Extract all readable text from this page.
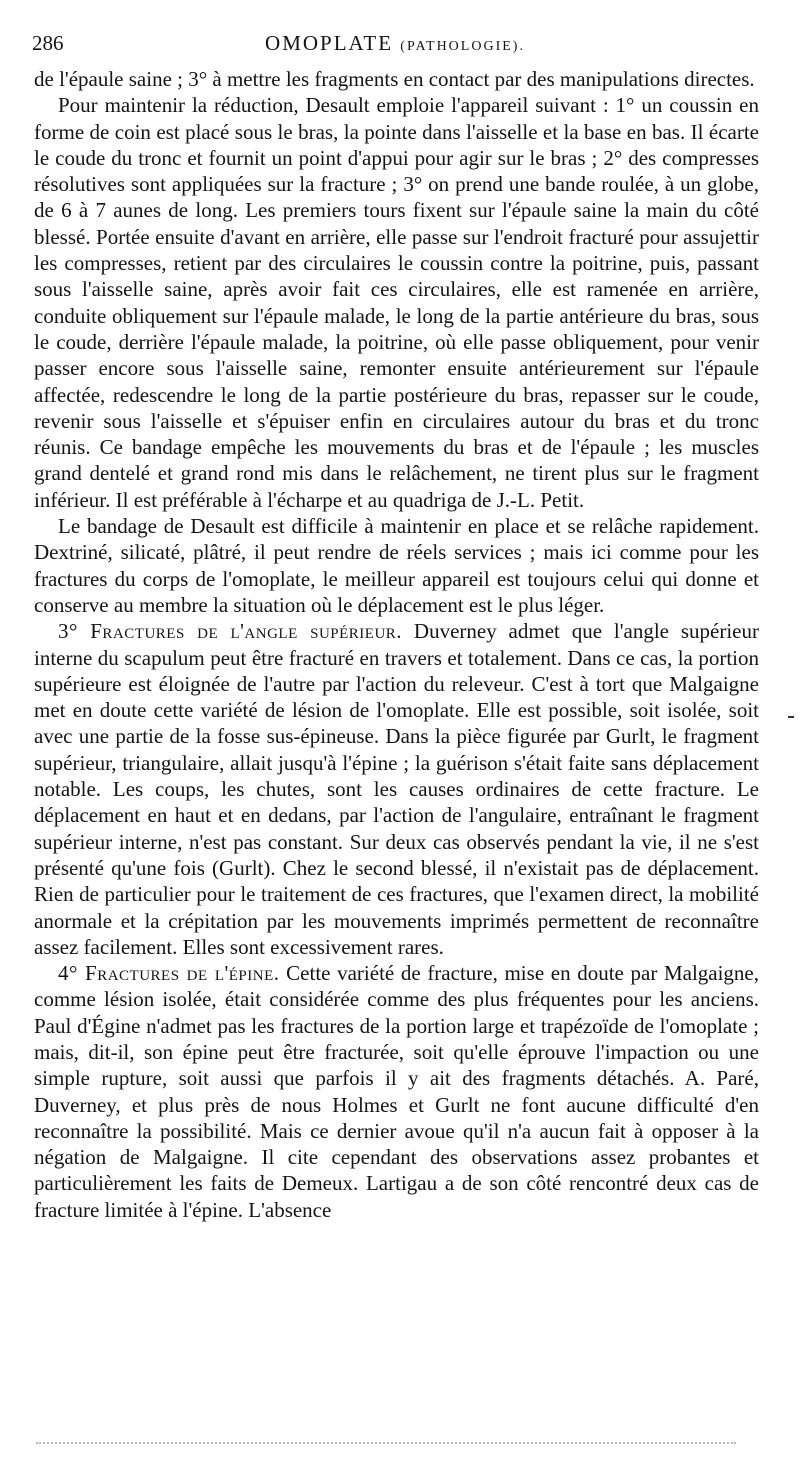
286	OMOPLATE (PATHOLOGIE).

de l'épaule saine ; 3° à mettre les fragments en contact par des manipulations directes.

Pour maintenir la réduction, Desault emploie l'appareil suivant : 1° un coussin en forme de coin est placé sous le bras, la pointe dans l'aisselle et la base en bas. Il écarte le coude du tronc et fournit un point d'appui pour agir sur le bras ; 2° des compresses résolutives sont appliquées sur la fracture ; 3° on prend une bande roulée, à un globe, de 6 à 7 aunes de long. Les premiers tours fixent sur l'épaule saine la main du côté blessé. Portée ensuite d'avant en arrière, elle passe sur l'endroit fracturé pour assujettir les compresses, retient par des circulaires le coussin contre la poitrine, puis, passant sous l'aisselle saine, après avoir fait ces circulaires, elle est ramenée en arrière, conduite obliquement sur l'épaule malade, le long de la partie antérieure du bras, sous le coude, derrière l'épaule malade, la poitrine, où elle passe obliquement, pour venir passer encore sous l'aisselle saine, remonter ensuite antérieurement sur l'épaule affectée, redescendre le long de la partie postérieure du bras, repasser sur le coude, revenir sous l'aisselle et s'épuiser enfin en circulaires autour du bras et du tronc réunis. Ce bandage empêche les mouvements du bras et de l'épaule ; les muscles grand dentelé et grand rond mis dans le relâchement, ne tirent plus sur le fragment inférieur. Il est préférable à l'écharpe et au quadriga de J.-L. Petit.

Le bandage de Desault est difficile à maintenir en place et se relâche rapidement. Dextriné, silicaté, plâtré, il peut rendre de réels services ; mais ici comme pour les fractures du corps de l'omoplate, le meilleur appareil est toujours celui qui donne et conserve au membre la situation où le déplacement est le plus léger.

3° Fractures de l'angle supérieur. Duverney admet que l'angle supérieur interne du scapulum peut être fracturé en travers et totalement. Dans ce cas, la portion supérieure est éloignée de l'autre par l'action du releveur. C'est à tort que Malgaigne met en doute cette variété de lésion de l'omoplate. Elle est possible, soit isolée, soit avec une partie de la fosse sus-épineuse. Dans la pièce figurée par Gurlt, le fragment supérieur, triangulaire, allait jusqu'à l'épine ; la guérison s'était faite sans déplacement notable. Les coups, les chutes, sont les causes ordinaires de cette fracture. Le déplacement en haut et en dedans, par l'action de l'angulaire, entraînant le fragment supérieur interne, n'est pas constant. Sur deux cas observés pendant la vie, il ne s'est présenté qu'une fois (Gurlt). Chez le second blessé, il n'existait pas de déplacement. Rien de particulier pour le traitement de ces fractures, que l'examen direct, la mobilité anormale et la crépitation par les mouvements imprimés permettent de reconnaître assez facilement. Elles sont excessivement rares.

4° Fractures de l'épine. Cette variété de fracture, mise en doute par Malgaigne, comme lésion isolée, était considérée comme des plus fréquentes pour les anciens. Paul d'Égine n'admet pas les fractures de la portion large et trapézoïde de l'omoplate ; mais, dit-il, son épine peut être fracturée, soit qu'elle éprouve l'impaction ou une simple rupture, soit aussi que parfois il y ait des fragments détachés. A. Paré, Duverney, et plus près de nous Holmes et Gurlt ne font aucune difficulté d'en reconnaître la possibilité. Mais ce dernier avoue qu'il n'a aucun fait à opposer à la négation de Malgaigne. Il cite cependant des observations assez probantes et particulièrement les faits de Demeux. Lartigau a de son côté rencontré deux cas de fracture limitée à l'épine. L'absence
